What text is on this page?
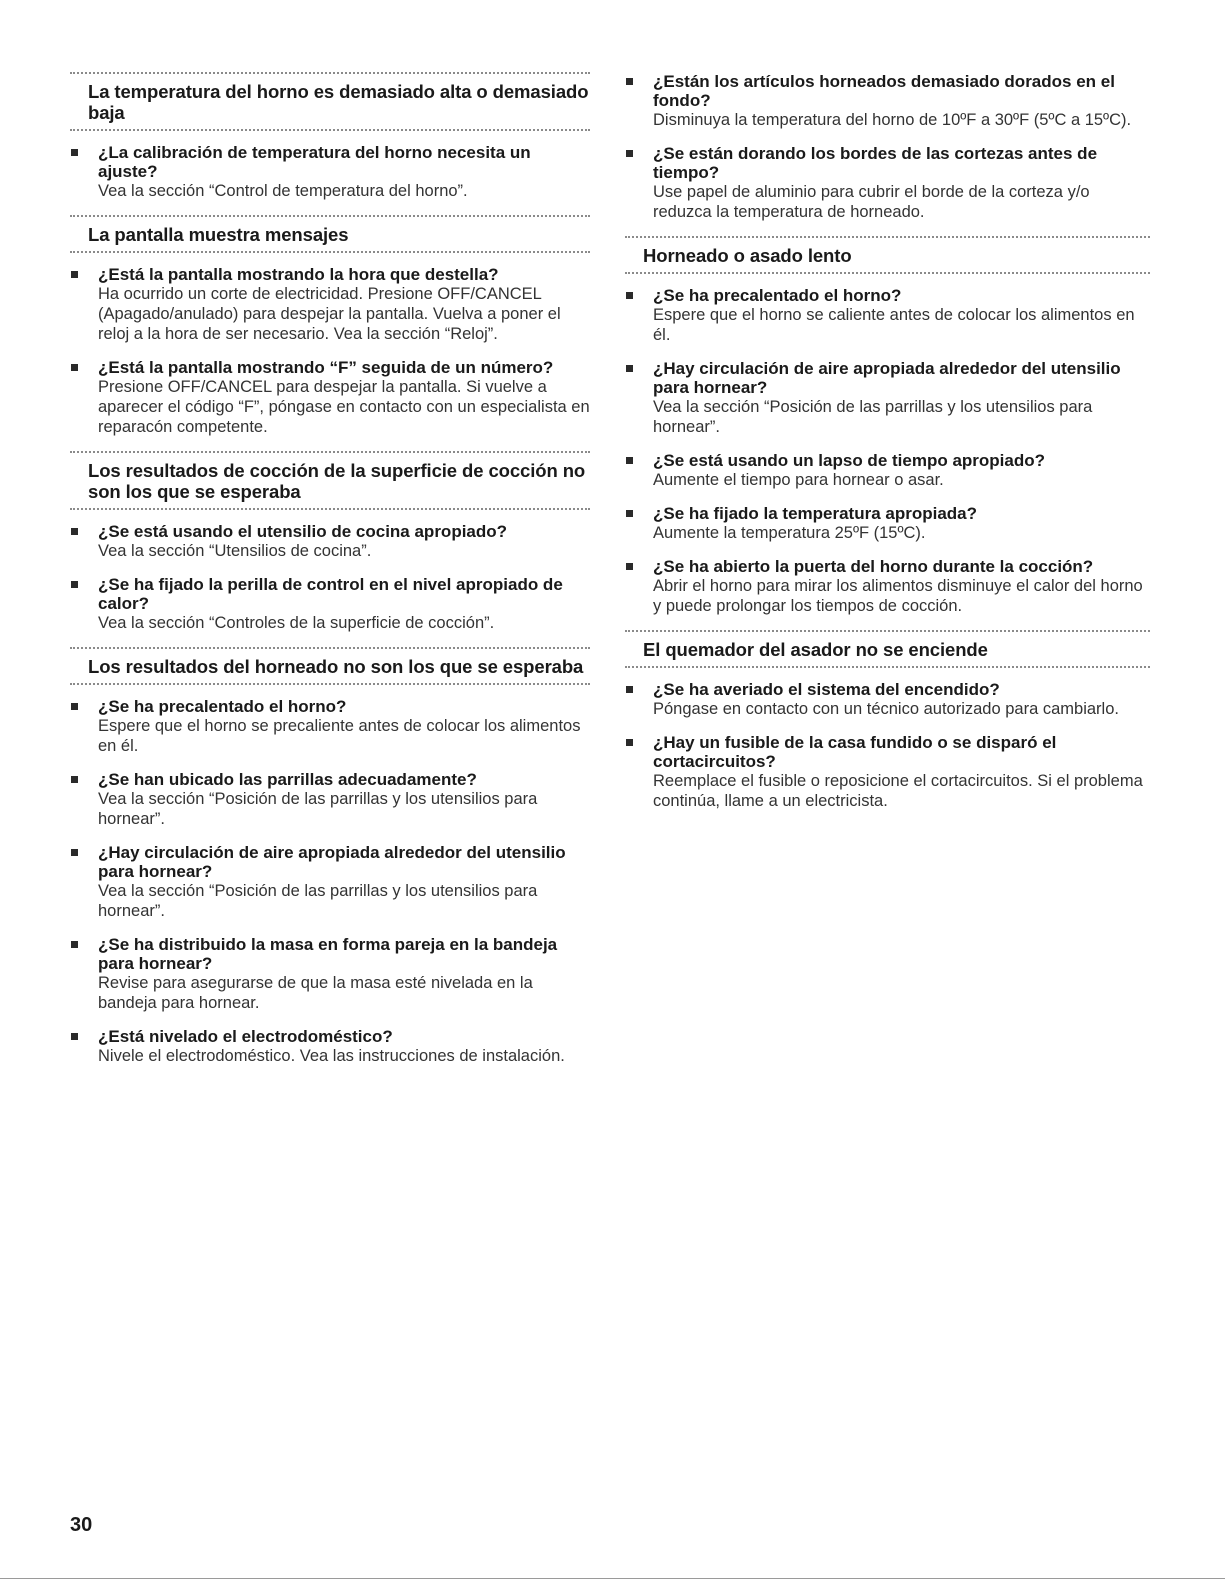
La temperatura del horno es demasiado alta o demasiado baja
¿La calibración de temperatura del horno necesita un ajuste?
Vea la sección “Control de temperatura del horno”.
La pantalla muestra mensajes
¿Está la pantalla mostrando la hora que destella?
Ha ocurrido un corte de electricidad. Presione OFF/CANCEL (Apagado/anulado) para despejar la pantalla. Vuelva a poner el reloj a la hora de ser necesario. Vea la sección “Reloj”.
¿Está la pantalla mostrando “F” seguida de un número?
Presione OFF/CANCEL para despejar la pantalla. Si vuelve a aparecer el código “F”, póngase en contacto con un especialista en reparacón competente.
Los resultados de cocción de la superficie de cocción no son los que se esperaba
¿Se está usando el utensilio de cocina apropiado?
Vea la sección “Utensilios de cocina”.
¿Se ha fijado la perilla de control en el nivel apropiado de calor?
Vea la sección “Controles de la superficie de cocción”.
Los resultados del horneado no son los que se esperaba
¿Se ha precalentado el horno?
Espere que el horno se precaliente antes de colocar los alimentos en él.
¿Se han ubicado las parrillas adecuadamente?
Vea la sección “Posición de las parrillas y los utensilios para hornear”.
¿Hay circulación de aire apropiada alrededor del utensilio para hornear?
Vea la sección “Posición de las parrillas y los utensilios para hornear”.
¿Se ha distribuido la masa en forma pareja en la bandeja para hornear?
Revise para asegurarse de que la masa esté nivelada en la bandeja para hornear.
¿Está nivelado el electrodoméstico?
Nivele el electrodoméstico. Vea las instrucciones de instalación.
¿Están los artículos horneados demasiado dorados en el fondo?
Disminuya la temperatura del horno de 10ºF a 30ºF (5ºC a 15ºC).
¿Se están dorando los bordes de las cortezas antes de tiempo?
Use papel de aluminio para cubrir el borde de la corteza y/o reduzca la temperatura de horneado.
Horneado o asado lento
¿Se ha precalentado el horno?
Espere que el horno se caliente antes de colocar los alimentos en él.
¿Hay circulación de aire apropiada alrededor del utensilio para hornear?
Vea la sección “Posición de las parrillas y los utensilios para hornear”.
¿Se está usando un lapso de tiempo apropiado?
Aumente el tiempo para hornear o asar.
¿Se ha fijado la temperatura apropiada?
Aumente la temperatura 25ºF (15ºC).
¿Se ha abierto la puerta del horno durante la cocción?
Abrir el horno para mirar los alimentos disminuye el calor del horno y puede prolongar los tiempos de cocción.
El quemador del asador no se enciende
¿Se ha averiado el sistema del encendido?
Póngase en contacto con un técnico autorizado para cambiarlo.
¿Hay un fusible de la casa fundido o se disparó el cortacircuitos?
Reemplace el fusible o reposicione el cortacircuitos. Si el problema continúa, llame a un electricista.
30
